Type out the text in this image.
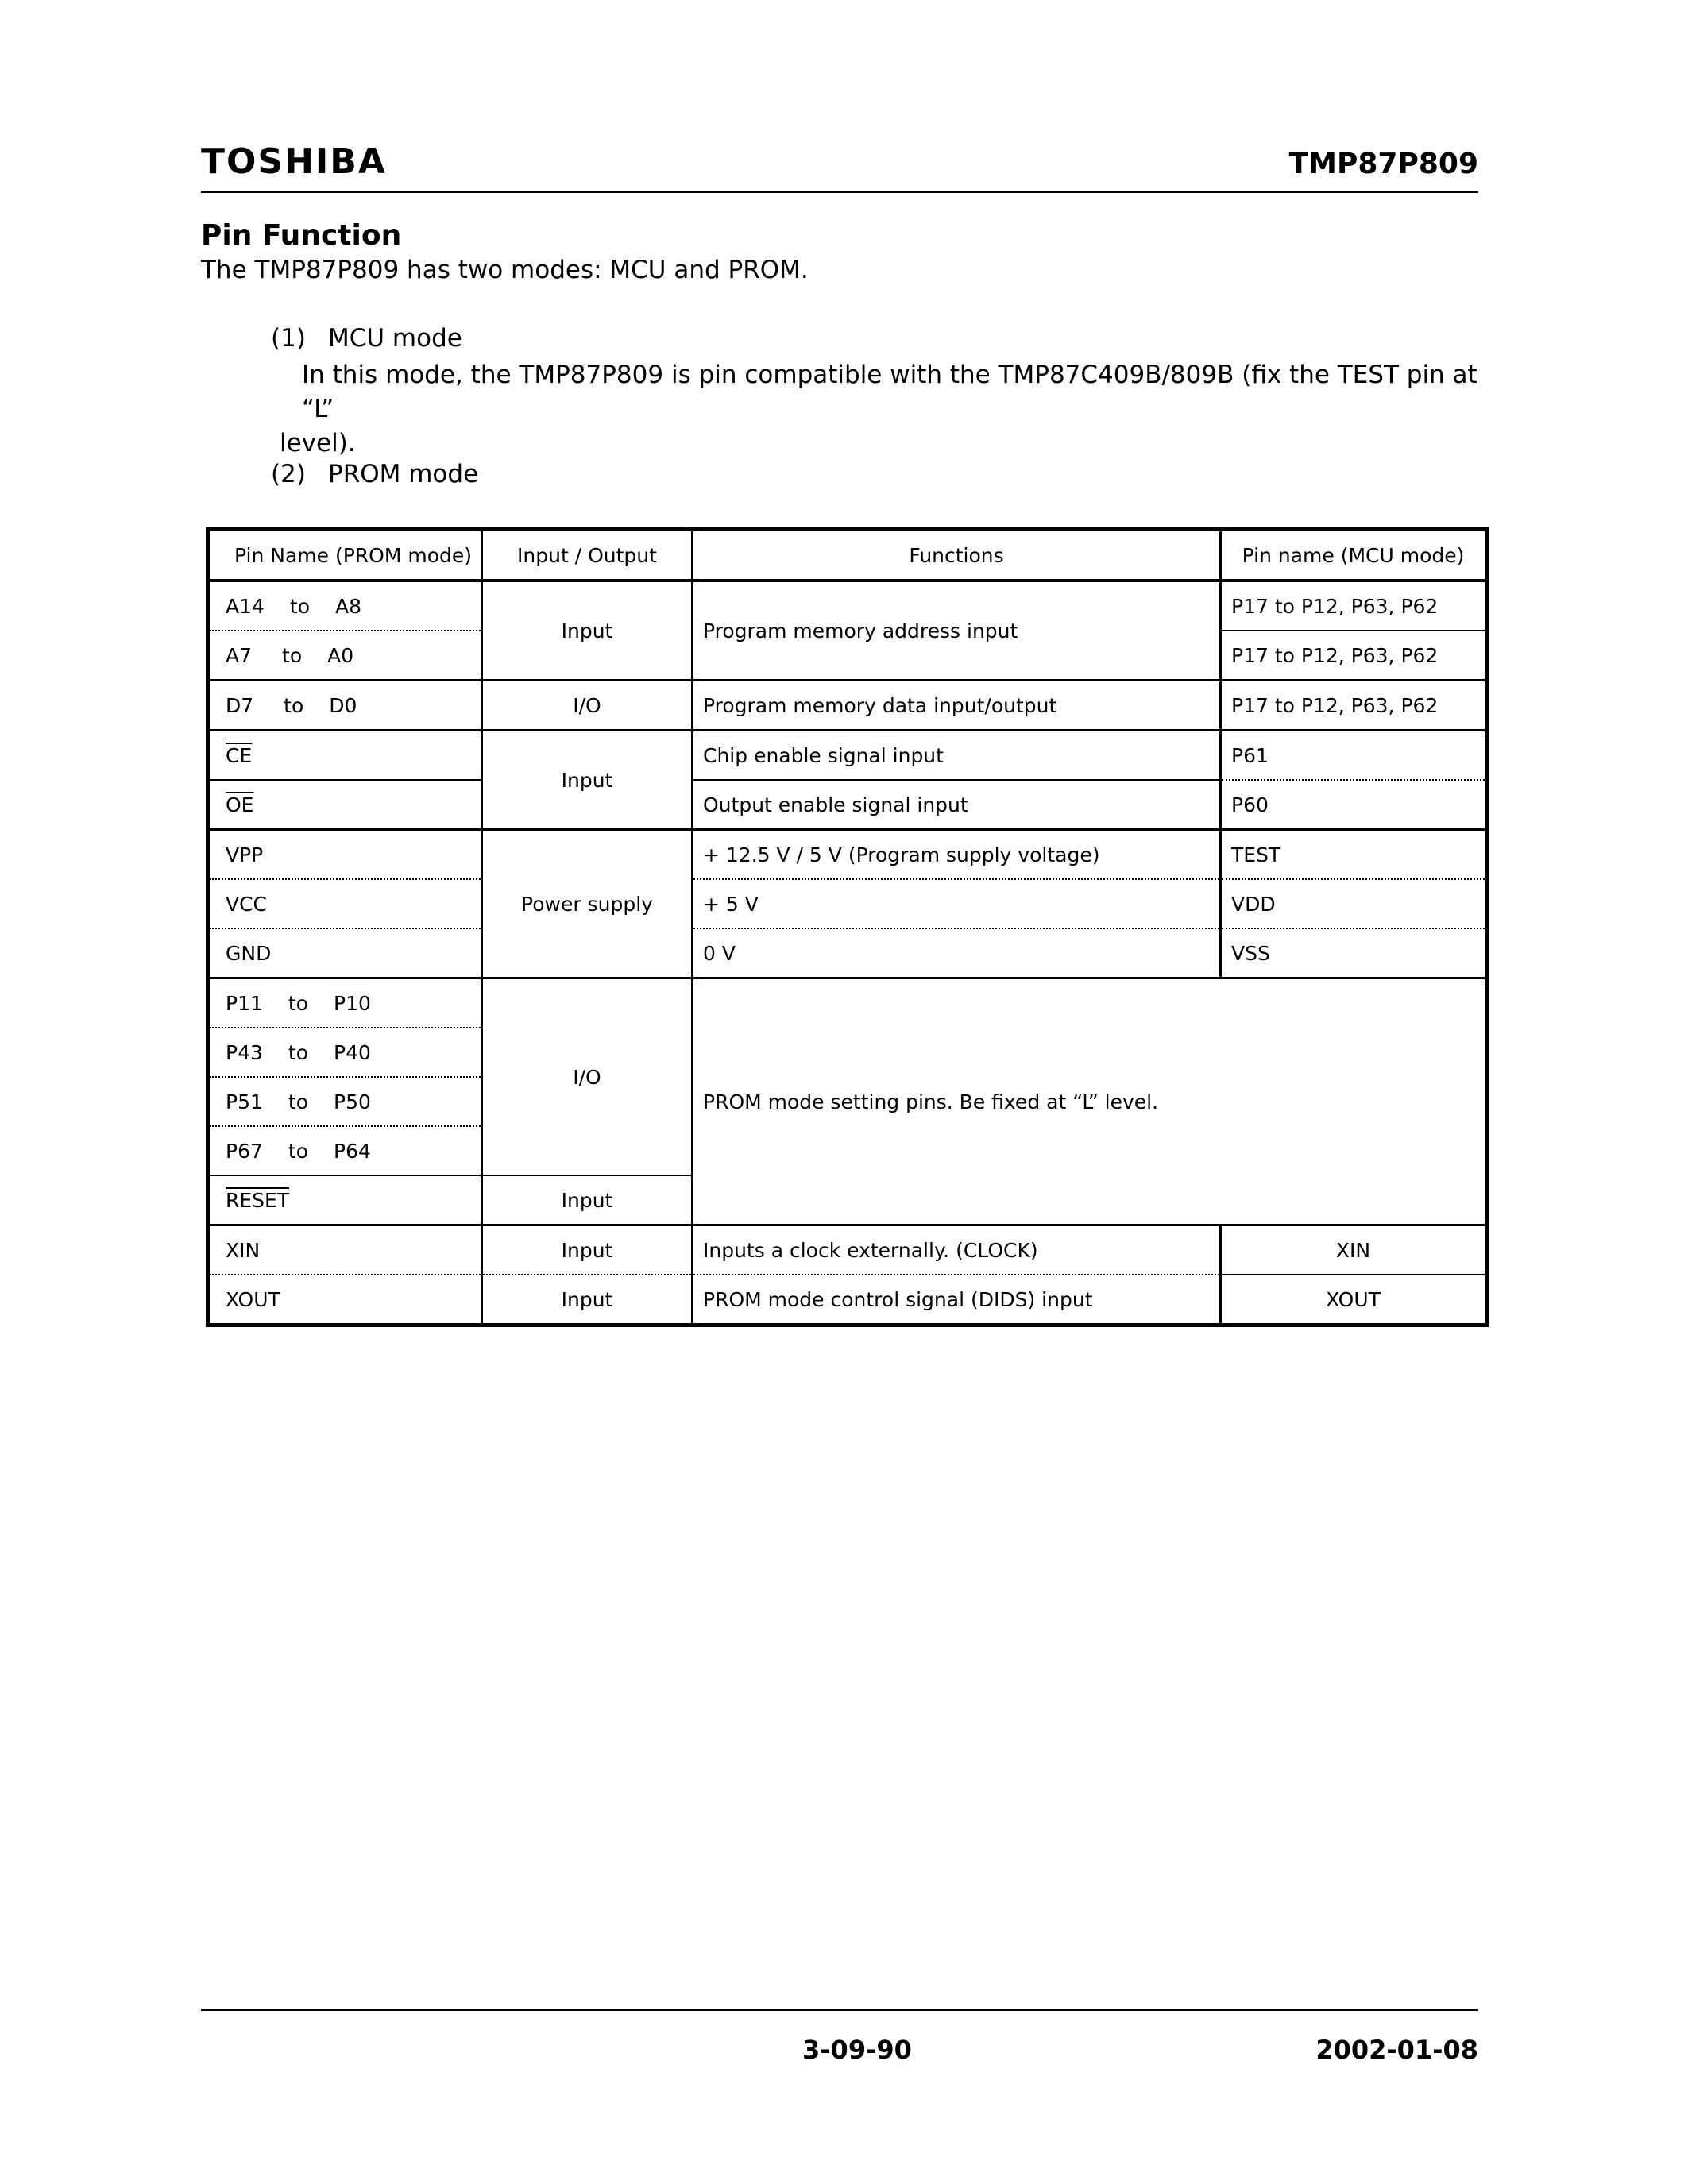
TOSHIBA	TMP87P809
Pin Function
The TMP87P809 has two modes: MCU and PROM.
(1) MCU mode
In this mode, the TMP87P809 is pin compatible with the TMP87C409B/809B (fix the TEST pin at “L”
level).
(2) PROM mode
Pin Name (PROM mode)	Input / Output	Functions	Pin name (MCU mode)
A14 to A8	Input	Program memory address input	P17 to P12, P63, P62
A7 to A0			P17 to P12, P63, P62
D7 to D0	I/O	Program memory data input/output	P17 to P12, P63, P62
$\overline{CE}$	Input	Chip enable signal input	P61
$\overline{OE}$		Output enable signal input	P60
VPP	Power supply	+ 12.5 V / 5 V (Program supply voltage)	TEST
VCC		+ 5 V	VDD
GND		0 V	VSS
P11 to P10	I/O	PROM mode setting pins. Be fixed at “L” level.	
P43 to P40			
P51 to P50			
P67 to P64			
RESET	Input		
XIN	Input	Inputs a clock externally. (CLOCK)	XIN
XOUT	Input	PROM mode control signal (DIDS) input	XOUT
3-09-90	2002-01-08
